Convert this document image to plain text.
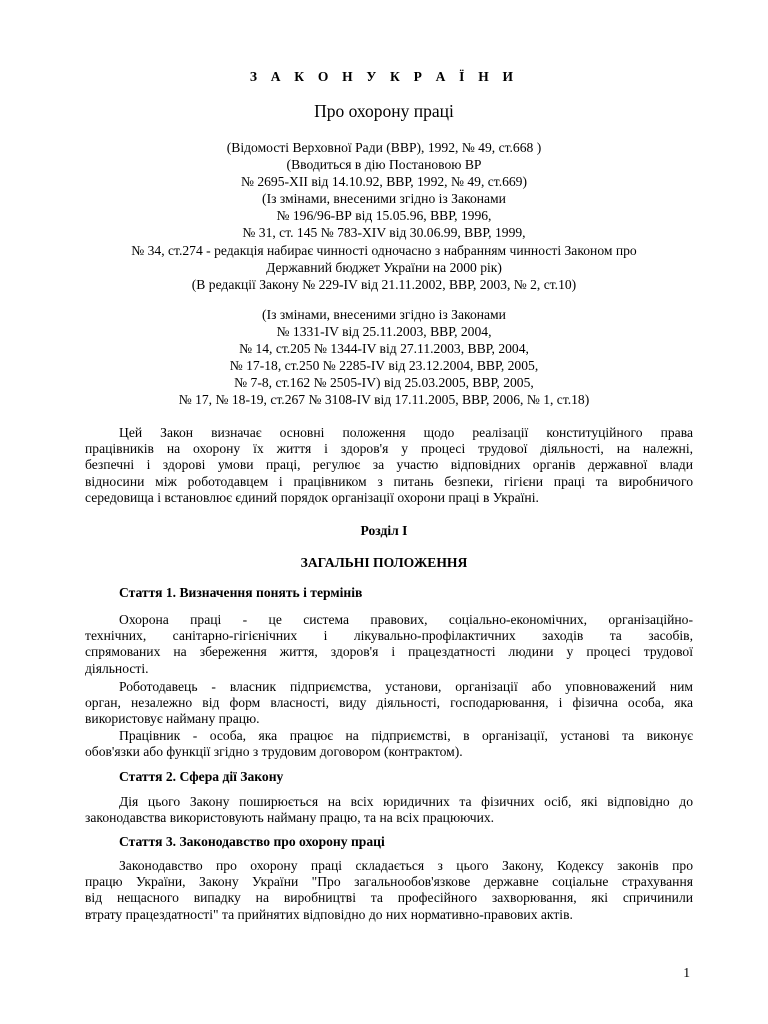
З А К О Н У К Р А Ї Н И
Про охорону праці
(Відомості Верховної Ради (ВВР), 1992, № 49, ст.668 )
(Вводиться в дію Постановою ВР
№ 2695-XII від 14.10.92, ВВР, 1992, № 49, ст.669)
(Із змінами, внесеними згідно із Законами
№ 196/96-ВР від 15.05.96, ВВР, 1996,
№ 31, ст. 145 № 783-XIV від 30.06.99, ВВР, 1999,
№ 34, ст.274 - редакція набирає чинності одночасно з набранням чинності Законом про
Державний бюджет України на 2000 рік)
(В редакції Закону № 229-IV від 21.11.2002, ВВР, 2003, № 2, ст.10)
(Із змінами, внесеними згідно із Законами
№ 1331-IV від 25.11.2003, ВВР, 2004,
№ 14, ст.205 № 1344-IV від 27.11.2003, ВВР, 2004,
№ 17-18, ст.250 № 2285-IV від 23.12.2004, ВВР, 2005,
№ 7-8, ст.162 № 2505-IV) від 25.03.2005, ВВР, 2005,
№ 17, № 18-19, ст.267 № 3108-IV від 17.11.2005, ВВР, 2006, № 1, ст.18)
Цей Закон визначає основні положення щодо реалізації конституційного права
працівників на охорону їх життя і здоров'я у процесі трудової діяльності, на належні,
безпечні і здорові умови праці, регулює за участю відповідних органів державної влади
відносини між роботодавцем і працівником з питань безпеки, гігієни праці та виробничого
середовища і встановлює єдиний порядок організації охорони праці в Україні.
Розділ I
ЗАГАЛЬНІ ПОЛОЖЕННЯ
Стаття 1. Визначення понять і термінів
Охорона праці - це система правових, соціально-економічних, організаційно-
технічних, санітарно-гігієнічних і лікувально-профілактичних заходів та засобів,
спрямованих на збереження життя, здоров'я і працездатності людини у процесі трудової
діяльності.
Роботодавець - власник підприємства, установи, організації або уповноважений ним
орган, незалежно від форм власності, виду діяльності, господарювання, і фізична особа, яка
використовує найману працю.
Працівник - особа, яка працює на підприємстві, в організації, установі та виконує
обов'язки або функції згідно з трудовим договором (контрактом).
Стаття 2. Сфера дії Закону
Дія цього Закону поширюється на всіх юридичних та фізичних осіб, які відповідно до
законодавства використовують найману працю, та на всіх працюючих.
Стаття 3. Законодавство про охорону праці
Законодавство про охорону праці складається з цього Закону, Кодексу законів про
працю України, Закону України "Про загальнообов'язкове державне соціальне страхування
від нещасного випадку на виробництві та професійного захворювання, які спричинили
втрату працездатності" та прийнятих відповідно до них нормативно-правових актів.
1
